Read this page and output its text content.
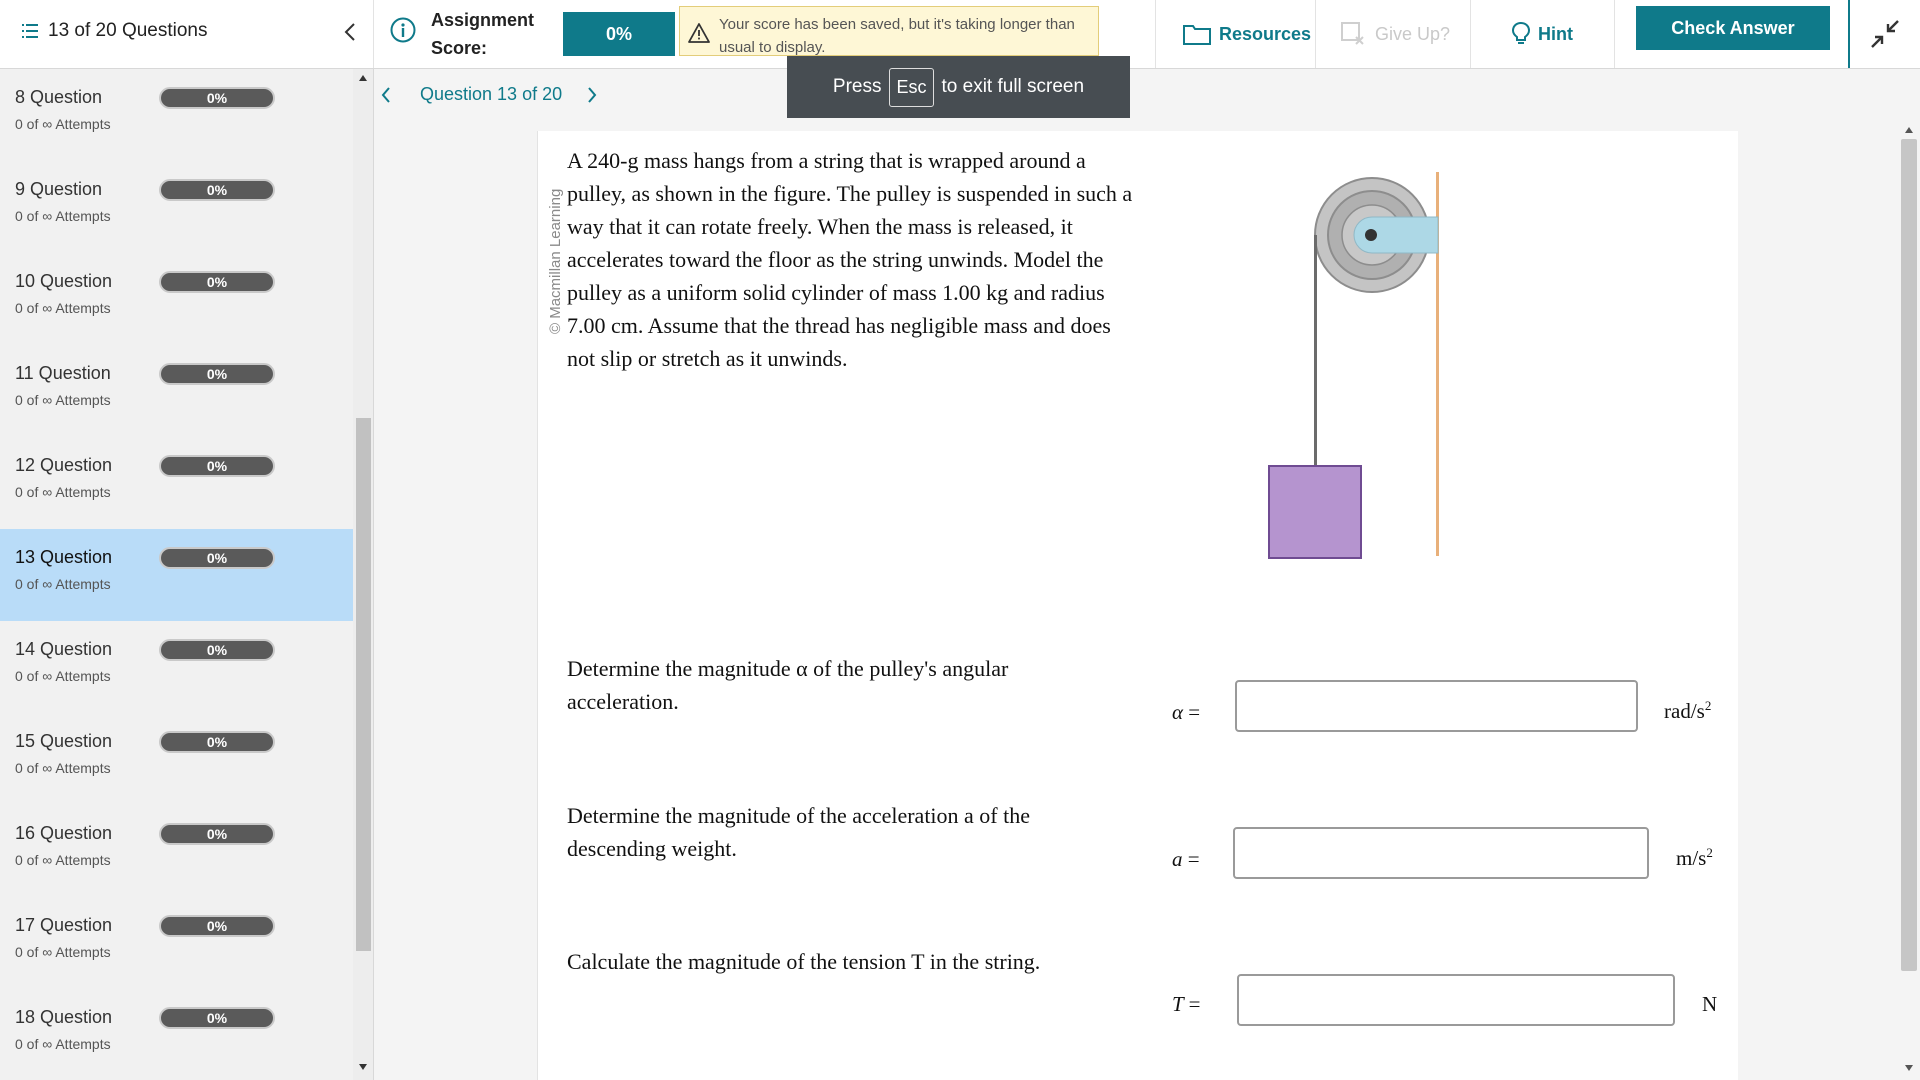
13 of 20 Questions	Assignment
Score:
0%	Your score has been saved, but it's taking longer than usual to display.
Resources	Give Up?	Hint	Check Answer
8 Question	0%
0 of ∞ Attempts
9 Question	0%
0 of ∞ Attempts
10 Question	0%
0 of ∞ Attempts
11 Question	0%
0 of ∞ Attempts
12 Question	0%
0 of ∞ Attempts
13 Question	0%
0 of ∞ Attempts
14 Question	0%
0 of ∞ Attempts
15 Question	0%
0 of ∞ Attempts
16 Question	0%
0 of ∞ Attempts
17 Question	0%
0 of ∞ Attempts
18 Question	0%
0 of ∞ Attempts
Question 13 of 20
© Macmillan Learning
A 240-g mass hangs from a string that is wrapped around a pulley, as shown in the figure. The pulley is suspended in such a way that it can rotate freely. When the mass is released, it accelerates toward the floor as the string unwinds. Model the pulley as a uniform solid cylinder of mass 1.00 kg and radius 7.00 cm. Assume that the thread has negligible mass and does not slip or stretch as it unwinds.
Determine the magnitude α of the pulley's angular acceleration.	α =	rad/$s^2$
Determine the magnitude of the acceleration a of the descending weight.	a =	$m/s^2$
Calculate the magnitude of the tension T in the string.
T =	N
Press Esc to exit full screen
